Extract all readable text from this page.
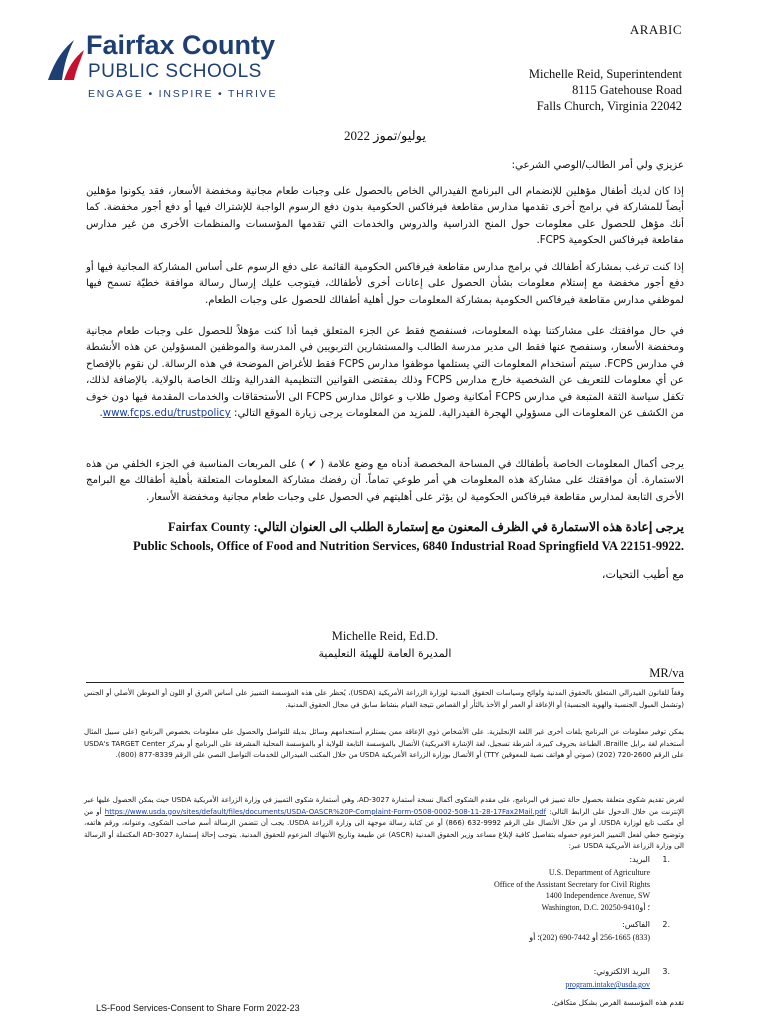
ARABIC
Fairfax County
PUBLIC SCHOOLS
ENGAGE • INSPIRE • THRIVE
Michelle Reid, Superintendent
8115 Gatehouse Road
Falls Church, Virginia 22042
يوليو/تموز 2022
عزيزي ولي أمر الطالب/الوصي الشرعي:
إذا كان لديك أطفال مؤهلين للإنضمام الى البرنامج الفيدرالي الخاص بالحصول على وجبات طعام مجانية ومخفضة الأسعار، فقد يكونوا مؤهلين أيضاً للمشاركة في برامج أخرى تقدمها مدارس مقاطعة فيرفاكس الحكومية بدون دفع الرسوم الواجبة للإشتراك فيها أو دفع أجور مخفضة. كما أنك مؤهل للحصول على معلومات حول المنح الدراسية والدروس والخدمات التي تقدمها المؤسسات والمنظمات الأخرى من غير مدارس مقاطعة فيرفاكس الحكومية FCPS.
إذا كنت ترغب بمشاركة أطفالك في برامج مدارس مقاطعة فيرفاكس الحكومية القائمة على دفع الرسوم على أساس المشاركة المجانية فيها أو دفع أجور مخفضة مع إستلام معلومات بشأن الحصول على إعانات أخرى لأطفالك، فيتوجب عليك إرسال رسالة موافقة خطيّة تسمح فيها لموظفي مدارس مقاطعة فيرفاكس الحكومية بمشاركة المعلومات حول أهلية أطفالك للحصول على وجبات الطعام.
في حال موافقتك على مشاركتنا بهذه المعلومات، فسنفصح فقط عن الجزء المتعلق فيما أذا كنت مؤهلاً للحصول على وجبات طعام مجانية ومخفضة الأسعار، وسنفصح عنها فقط الى مدير مدرسة الطالب والمستشارين التربويين في المدرسة والموظفين المسؤولين عن هذه الأنشطة في مدارس FCPS. سيتم أستخدام المعلومات التي يستلمها موظفوا مدارس FCPS فقط للأغراض الموضحة في هذه الرسالة. لن نقوم بالإفصاح عن أي معلومات للتعريف عن الشخصية خارج مدارس FCPS وذلك بمقتضى القوانين التنظيمية الفدرالية وتلك الخاصة بالولاية. بالإضافة لذلك، تكفل سياسة الثقة المتبعة في مدارس FCPS أمكانية وصول طلاب و عوائل مدارس FCPS الى الأستحقاقات والخدمات المقدمة فيها دون خوف من الكشف عن المعلومات الى مسؤولي الهجرة الفيدرالية. للمزيد من المعلومات يرجى زيارة الموقع التالي: www.fcps.edu/trustpolicy.
يرجى أكمال المعلومات الخاصة بأطفالك في المساحة المخصصة أدناه مع وضع علامة ( ✔ ) على المربعات المناسبة في الجزء الخلفي من هذه الاستمارة. أن موافقتك على مشاركة هذه المعلومات هي أمر طوعي تماماً. أن رفضك مشاركة المعلومات المتعلقة بأهلية أطفالك مع البرامج الأخرى التابعة لمدارس مقاطعة فيرفاكس الحكومية لن يؤثر على أهليتهم في الحصول على وجبات طعام مجانية ومخفضة الأسعار.
يرجى إعادة هذه الاستمارة في الظرف المعنون مع إستمارة الطلب الى العنوان التالي: Fairfax County
Public Schools, Office of Food and Nutrition Services, 6840 Industrial Road Springfield VA 22151-9922.
مع أطيب التحيات،
Michelle Reid, Ed.D.
المديرة العامة للهيئة التعليمية
MR/va
وفقاً للقانون الفيدرالي المتعلق بالحقوق المدنية ولوائح وسياسات الحقوق المدنية لوزارة الزراعة الأمريكية (USDA)، يُحظر على هذه المؤسسة التمييز على أساس العرق أو اللون أو الموطن الأصلي أو الجنس (وتشمل الميول الجنسية والهوية الجنسية) أو الإعاقة أو العمر أو الأخذ بالثأر أو القصاص نتيجة القيام بنشاط سابق في مجال الحقوق المدنية.
يمكن توفير معلومات عن البرنامج بلغات أخرى غير اللغة الإنجليزية. على الأشخاص ذوي الإعاقة ممن يستلزم أستخدامهم وسائل بديلة للتواصل والحصول على معلومات بخصوص البرنامج (على سبيل المثال أستخدام لغة برايل Braille، الطباعة بحروف كبيرة، أشرطة تسجيل، لغة الإشارة الامريكية) الأتصال بالمؤسسة التابعة للولاية أو بالمؤسسة المحلية المشرفة على البرنامج أو بمركز USDA's TARGET Center على الرقم 2600-720 (202) (صوتي أو هواتف نصية للمعوقين TTY) أو الأتصال بوزارة الزراعة الأمريكية USDA من خلال المكتب الفيدرالي للخدمات التواصل النصي على الرقم 8339-877 (800).
لغرض تقديم شكوى متعلقة بحصول حالة تمييز في البرنامج، على مقدم الشكوى أكمال نسخة أستمارة AD-3027، وهي أستمارة شكوى التمييز في وزارة الزراعة الأمريكية USDA حيث يمكن الحصول عليها عبر الإنترنت من خلال الدخول على الرابط التالي: https://www.usda.gov/sites/default/files/documents/USDA-OASCR%20P-Complaint-Form-0508-0002-508-11-28-17Fax2Mail.pdf أو من أي مكتب تابع لوزارة USDA، أو من خلال الأتصال على الرقم 9992-632 (866) أو عن كتابة رسالة موجهة الى وزارة الزراعة USDA. يجب أن تتضمن الرسالة أسم صاحب الشكوى، وعنوانه، ورقم هاتفه، وتوضيح خطي لفعل التمييز المزعوم حصوله بتفاصيل كافية لإبلاغ مساعد وزير الحقوق المدنية (ASCR) عن طبيعة وتاريخ الأنتهاك المزعوم للحقوق المدنية. يتوجب إحالة إستمارة AD-3027 المكتملة أو الرسالة الى وزارة الزراعة الأمريكية USDA عبر:
1.
البريد:
U.S. Department of Agriculture
Office of the Assistant Secretary for Civil Rights
1400 Independence Avenue, SW
Washington, D.C. 20250-9410؛ أو
2.
الفاكس:
(833) 256-1665 أو 7442-690 (202)؛ أو
3.
البريد الالكتروني:
program.intake@usda.gov
تقدم هذه المؤسسة الفرص بشكل متكافئ.
LS-Food Services-Consent to Share Form 2022-23
